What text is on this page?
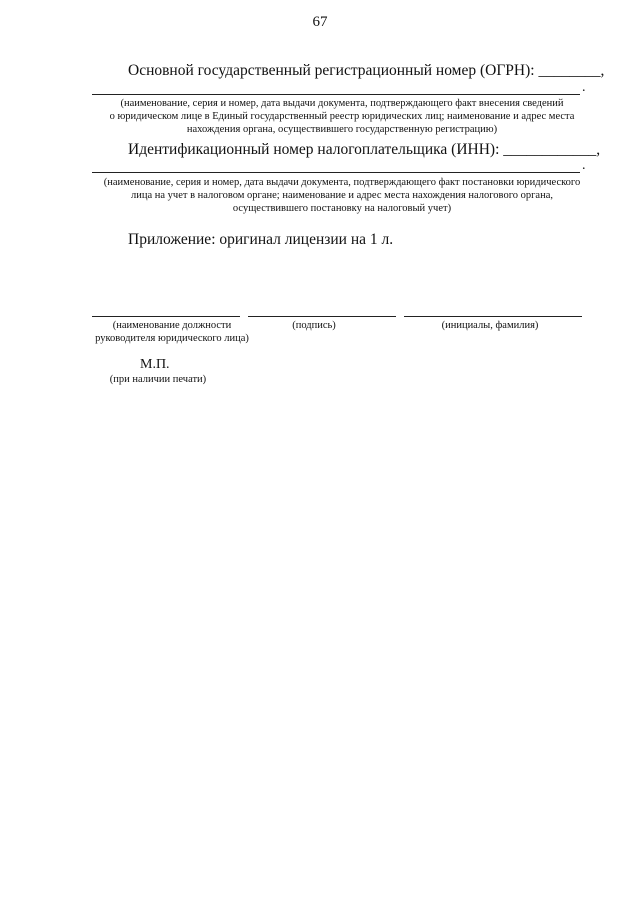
67
Основной государственный регистрационный номер (ОГРН): ________,
.
(наименование, серия и номер, дата выдачи документа, подтверждающего факт внесения сведений
о юридическом лице в Единый государственный реестр юридических лиц; наименование и адрес места
нахождения органа, осуществившего государственную регистрацию)
Идентификационный номер налогоплательщика (ИНН): ____________,
.
(наименование, серия и номер, дата выдачи документа, подтверждающего факт постановки юридического
лица на учет в налоговом органе; наименование и адрес места нахождения налогового органа,
осуществившего постановку на налоговый учет)
Приложение: оригинал лицензии на 1 л.
(наименование должности
руководителя юридического лица)
(подпись)	(инициалы, фамилия)
М.П.
(при наличии печати)
